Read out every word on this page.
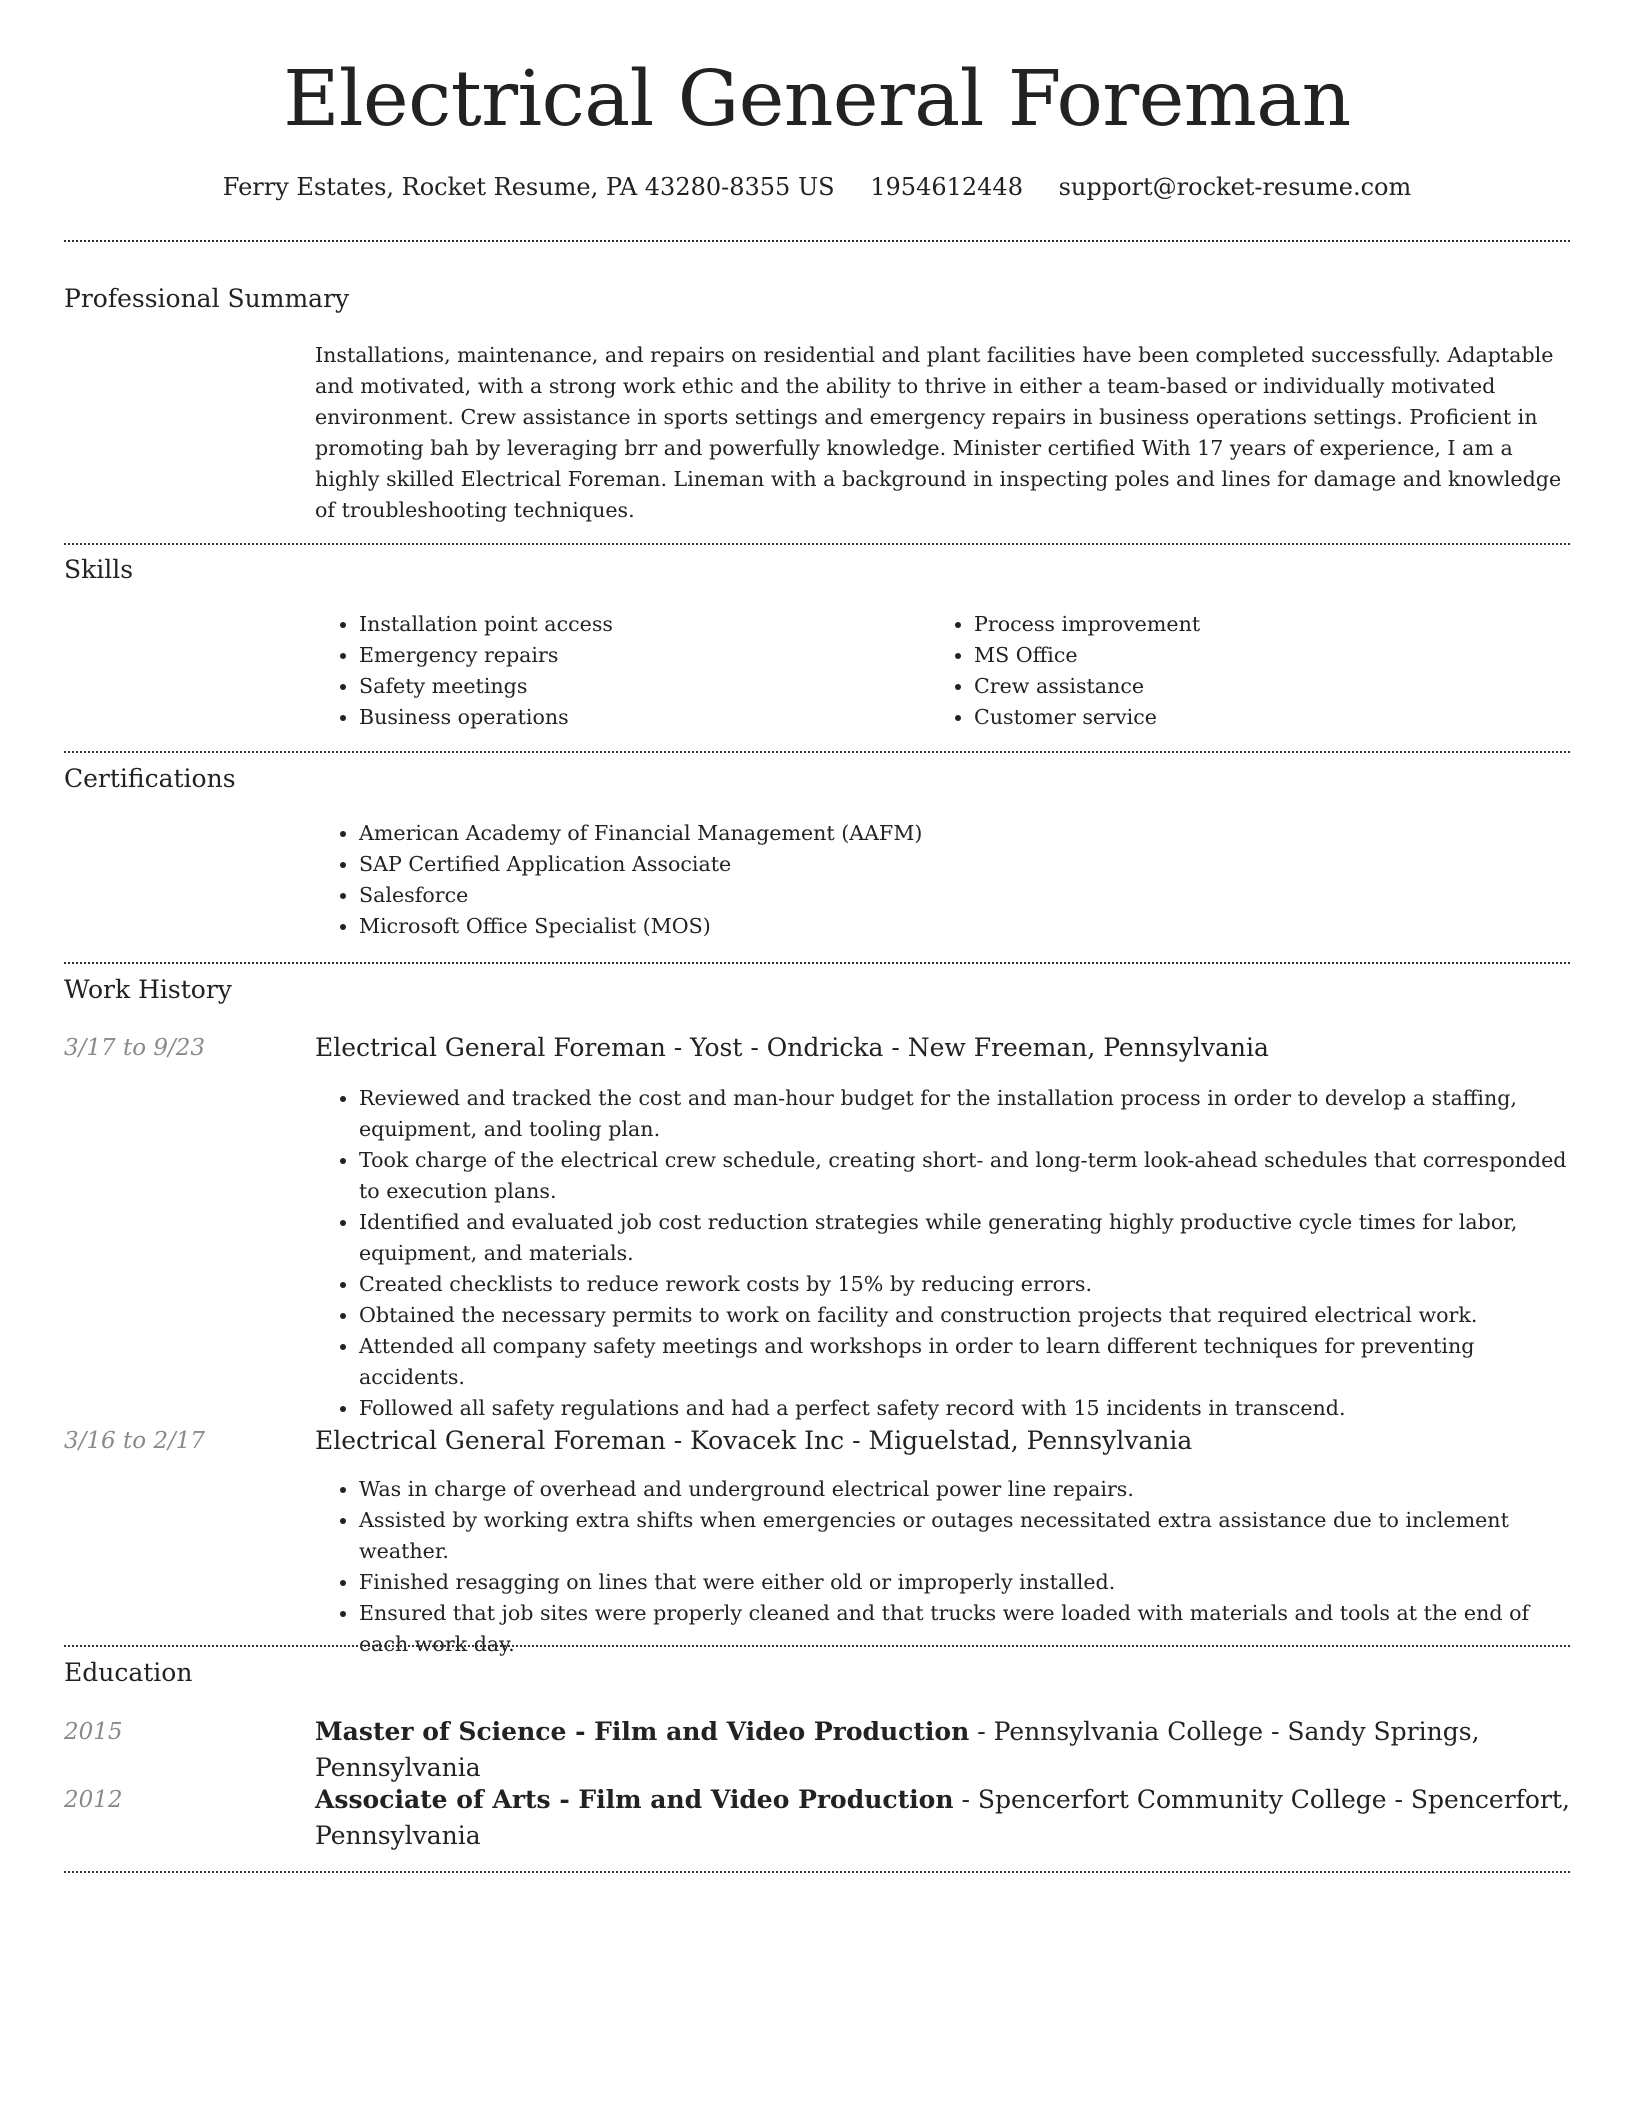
Electrical General Foreman
Ferry Estates, Rocket Resume, PA 43280-8355 US 1954612448 support@rocket-resume.com
Professional Summary

Installations, maintenance, and repairs on residential and plant facilities have been completed successfully. Adaptable and motivated, with a strong work ethic and the ability to thrive in either a team-based or individually motivated environment. Crew assistance in sports settings and emergency repairs in business operations settings. Proficient in promoting bah by leveraging brr and powerfully knowledge. Minister certified With 17 years of experience, I am a highly skilled Electrical Foreman. Lineman with a background in inspecting poles and lines for damage and knowledge of troubleshooting techniques.

Skills
• Installation point access
• Emergency repairs
• Safety meetings
• Business operations
• Process improvement
• MS Office
• Crew assistance
• Customer service
Certifications
• American Academy of Financial Management (AAFM)
• SAP Certified Application Associate
• Salesforce
• Microsoft Office Specialist (MOS)
Work History
3/17 to 9/23	Electrical General Foreman - Yost - Ondricka - New Freeman, Pennsylvania
• Reviewed and tracked the cost and man-hour budget for the installation process in order to develop a staffing, equipment, and tooling plan.
• Took charge of the electrical crew schedule, creating short- and long-term look-ahead schedules that corresponded to execution plans.
• Identified and evaluated job cost reduction strategies while generating highly productive cycle times for labor, equipment, and materials.
• Created checklists to reduce rework costs by 15% by reducing errors.
• Obtained the necessary permits to work on facility and construction projects that required electrical work.
• Attended all company safety meetings and workshops in order to learn different techniques for preventing accidents.
• Followed all safety regulations and had a perfect safety record with 15 incidents in transcend.
3/16 to 2/17	Electrical General Foreman - Kovacek Inc - Miguelstad, Pennsylvania
• Was in charge of overhead and underground electrical power line repairs.
• Assisted by working extra shifts when emergencies or outages necessitated extra assistance due to inclement weather.
• Finished resagging on lines that were either old or improperly installed.
• Ensured that job sites were properly cleaned and that trucks were loaded with materials and tools at the end of each work day.
Education
2015	Master of Science - Film and Video Production - Pennsylvania College - Sandy Springs, Pennsylvania
2012	Associate of Arts - Film and Video Production - Spencerfort Community College - Spencerfort, Pennsylvania
